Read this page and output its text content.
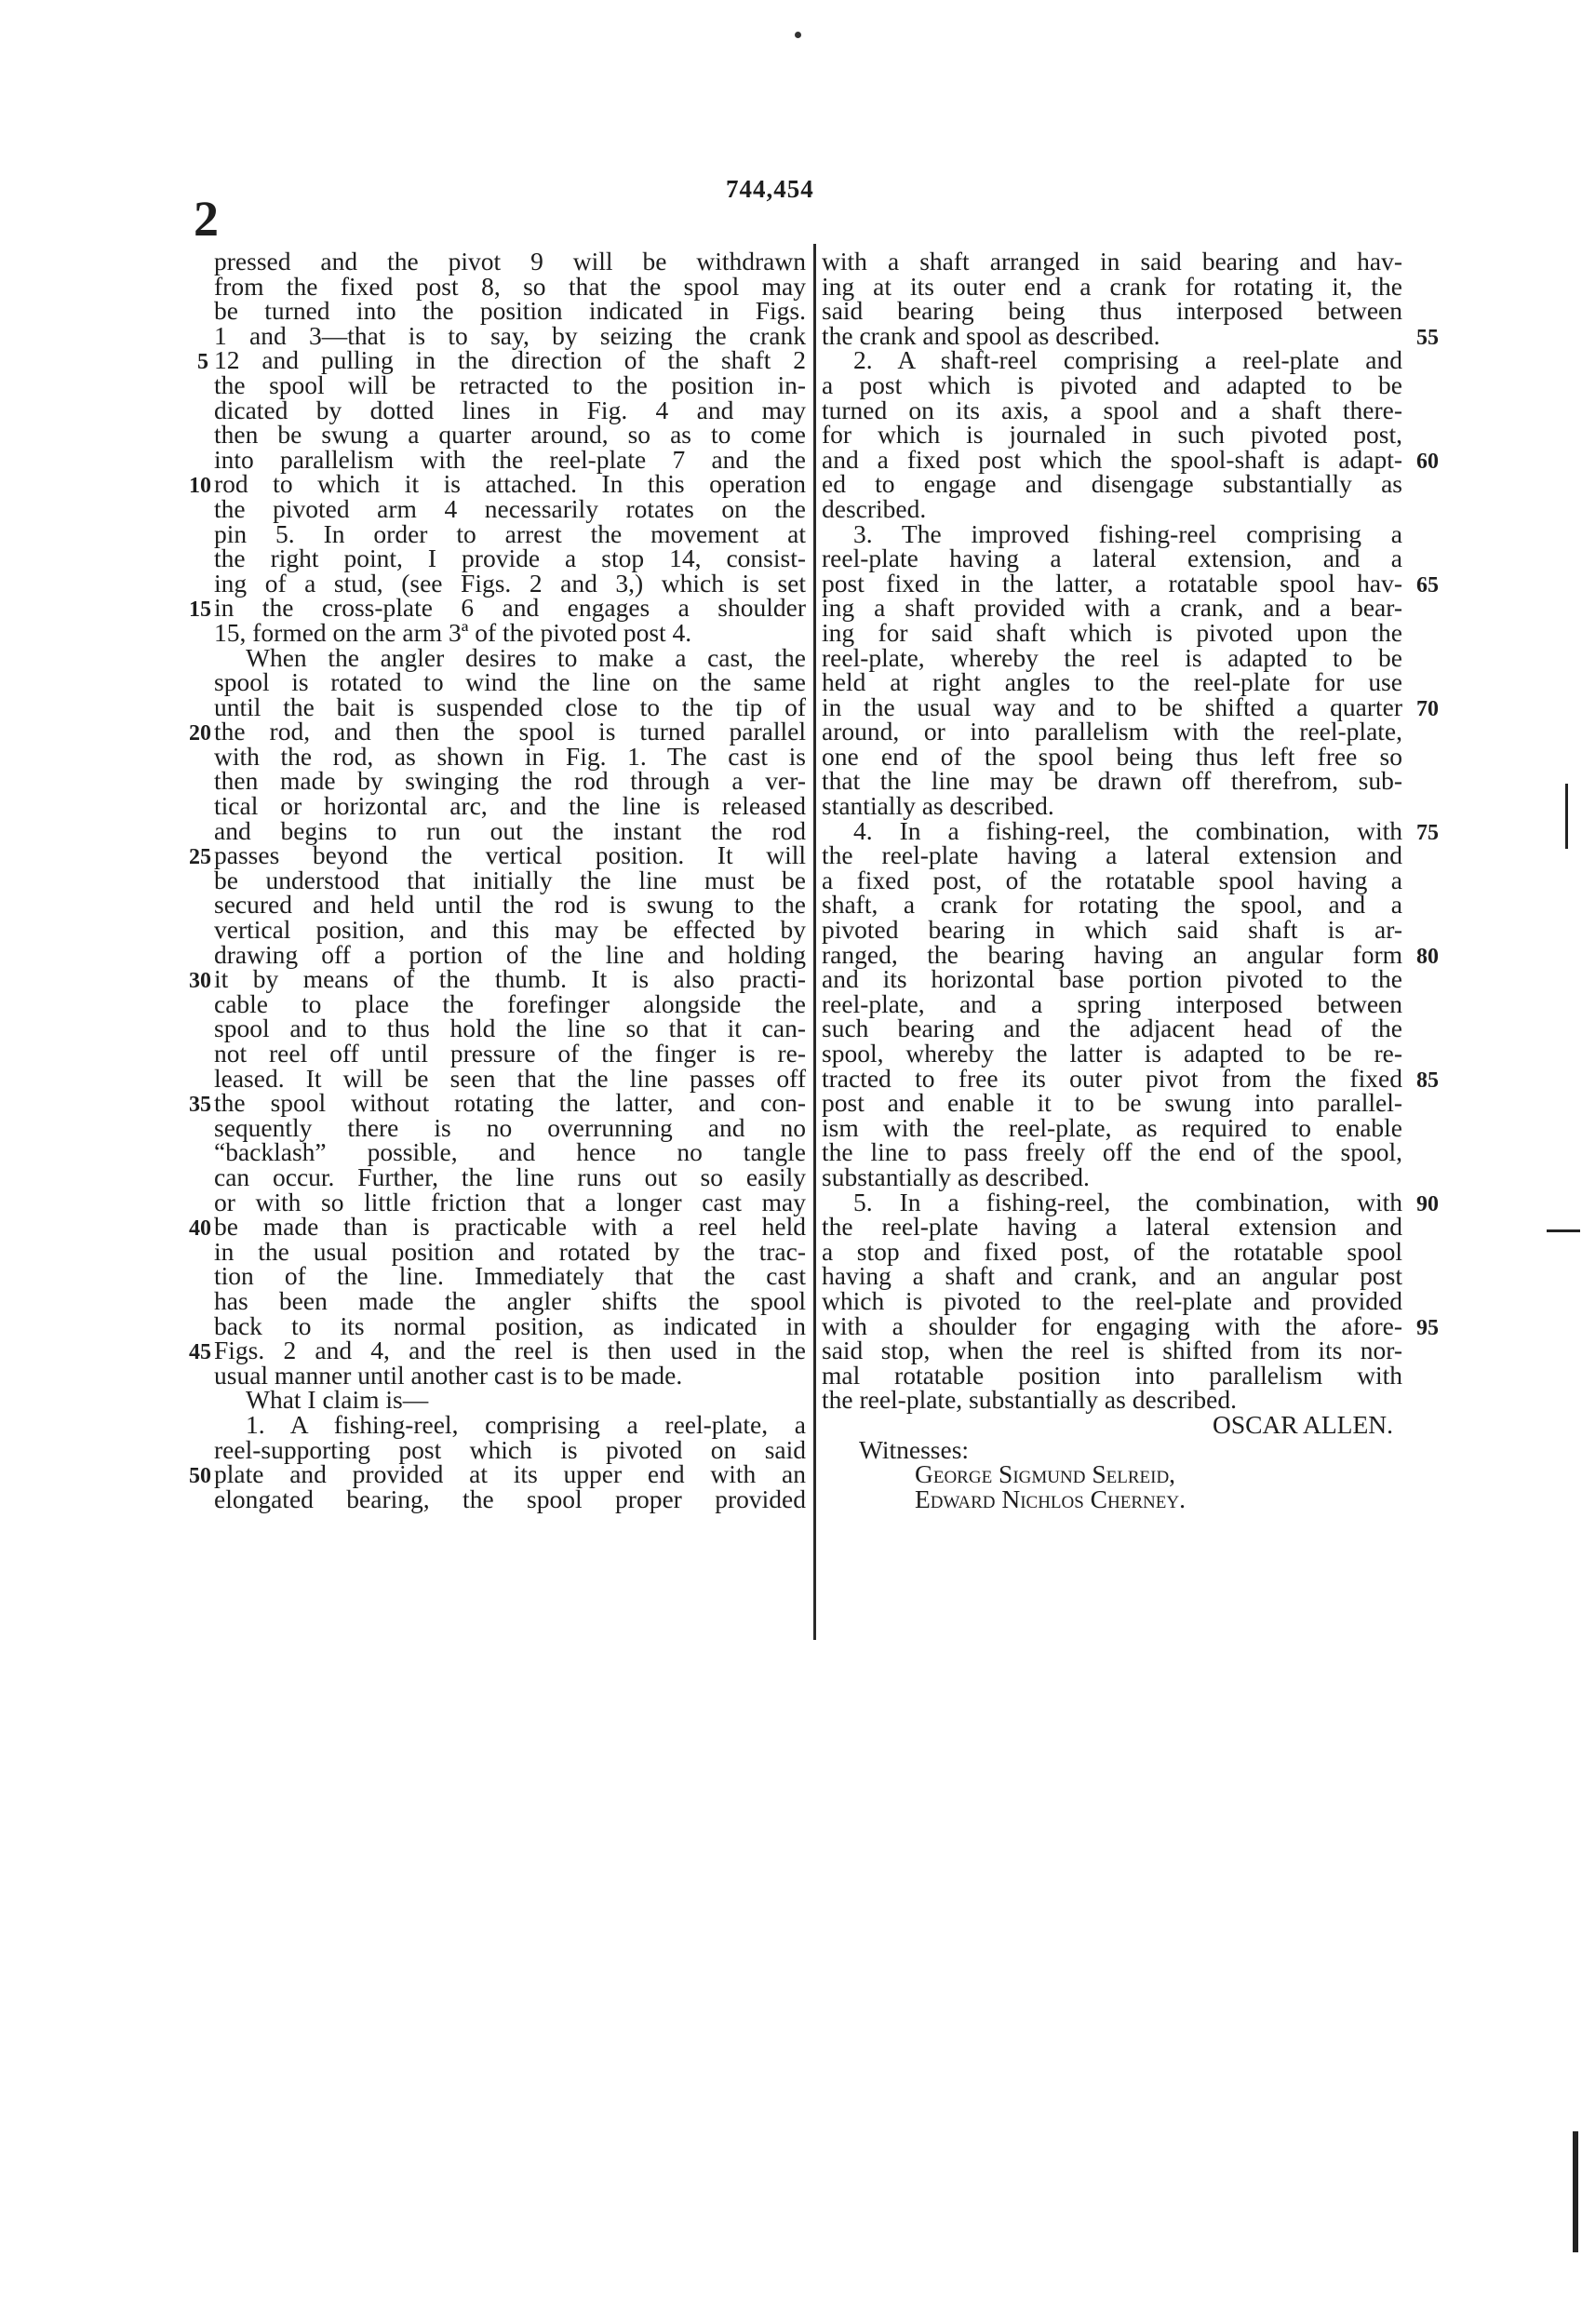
2
744,454
pressed and the pivot 9 will be withdrawn
from the fixed post 8, so that the spool may
be turned into the position indicated in Figs.
1 and 3—that is to say, by seizing the crank
12 and pulling in the direction of the shaft 2
the spool will be retracted to the position in-
dicated by dotted lines in Fig. 4 and may
then be swung a quarter around, so as to come
into parallelism with the reel-plate 7 and the
rod to which it is attached. In this operation
the pivoted arm 4 necessarily rotates on the
pin 5. In order to arrest the movement at
the right point, I provide a stop 14, consist-
ing of a stud, (see Figs. 2 and 3,) which is set
in the cross-plate 6 and engages a shoulder
15, formed on the arm 3ª of the pivoted post 4.
When the angler desires to make a cast, the
spool is rotated to wind the line on the same
until the bait is suspended close to the tip of
the rod, and then the spool is turned parallel
with the rod, as shown in Fig. 1. The cast is
then made by swinging the rod through a ver-
tical or horizontal arc, and the line is released
and begins to run out the instant the rod
passes beyond the vertical position. It will
be understood that initially the line must be
secured and held until the rod is swung to the
vertical position, and this may be effected by
drawing off a portion of the line and holding
it by means of the thumb. It is also practi-
cable to place the forefinger alongside the
spool and to thus hold the line so that it can-
not reel off until pressure of the finger is re-
leased. It will be seen that the line passes off
the spool without rotating the latter, and con-
sequently there is no overrunning and no
“backlash” possible, and hence no tangle
can occur. Further, the line runs out so easily
or with so little friction that a longer cast may
be made than is practicable with a reel held
in the usual position and rotated by the trac-
tion of the line. Immediately that the cast
has been made the angler shifts the spool
back to its normal position, as indicated in
Figs. 2 and 4, and the reel is then used in the
usual manner until another cast is to be made.
What I claim is—
1. A fishing-reel, comprising a reel-plate, a
reel-supporting post which is pivoted on said
plate and provided at its upper end with an
elongated bearing, the spool proper provided
with a shaft arranged in said bearing and hav-
ing at its outer end a crank for rotating it, the
said bearing being thus interposed between
the crank and spool as described.
2. A shaft-reel comprising a reel-plate and
a post which is pivoted and adapted to be
turned on its axis, a spool and a shaft there-
for which is journaled in such pivoted post,
and a fixed post which the spool-shaft is adapt-
ed to engage and disengage substantially as
described.
3. The improved fishing-reel comprising a
reel-plate having a lateral extension, and a
post fixed in the latter, a rotatable spool hav-
ing a shaft provided with a crank, and a bear-
ing for said shaft which is pivoted upon the
reel-plate, whereby the reel is adapted to be
held at right angles to the reel-plate for use
in the usual way and to be shifted a quarter
around, or into parallelism with the reel-plate,
one end of the spool being thus left free so
that the line may be drawn off therefrom, sub-
stantially as described.
4. In a fishing-reel, the combination, with
the reel-plate having a lateral extension and
a fixed post, of the rotatable spool having a
shaft, a crank for rotating the spool, and a
pivoted bearing in which said shaft is ar-
ranged, the bearing having an angular form
and its horizontal base portion pivoted to the
reel-plate, and a spring interposed between
such bearing and the adjacent head of the
spool, whereby the latter is adapted to be re-
tracted to free its outer pivot from the fixed
post and enable it to be swung into parallel-
ism with the reel-plate, as required to enable
the line to pass freely off the end of the spool,
substantially as described.
5. In a fishing-reel, the combination, with
the reel-plate having a lateral extension and
a stop and fixed post, of the rotatable spool
having a shaft and crank, and an angular post
which is pivoted to the reel-plate and provided
with a shoulder for engaging with the afore-
said stop, when the reel is shifted from its nor-
mal rotatable position into parallelism with
the reel-plate, substantially as described.
OSCAR ALLEN.
Witnesses:
George Sigmund Selreid,
Edward Nichlos Cherney.
5
10
15
20
25
30
35
40
45
50
55
60
65
70
75
80
85
90
95
